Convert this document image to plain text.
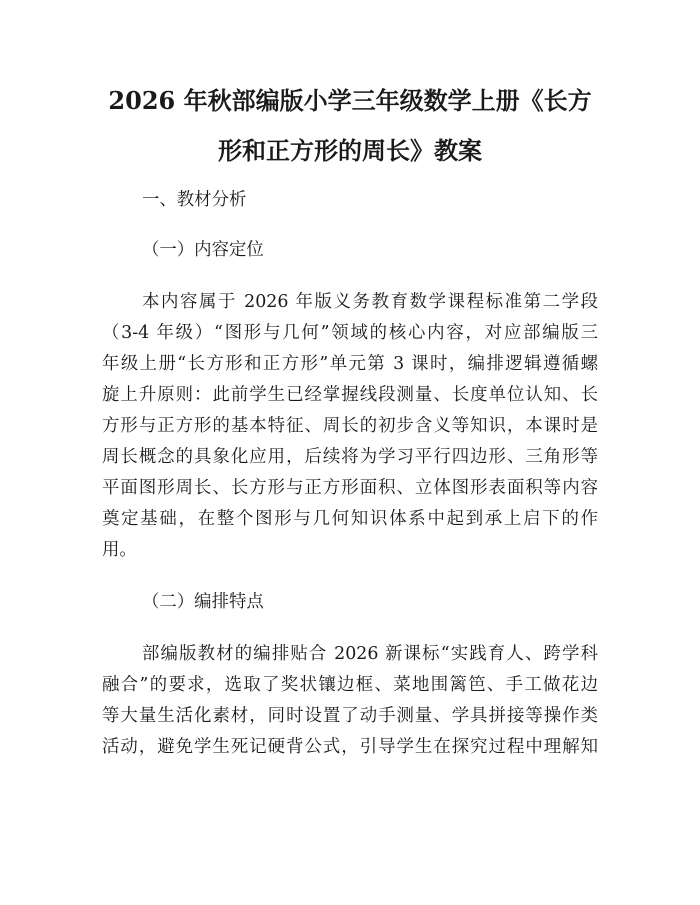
2026 年秋部编版小学三年级数学上册《长方
形和正方形的周长》教案
一、教材分析
（一）内容定位
本内容属于 2026 年版义务教育数学课程标准第二学段
（3-4 年级）“图形与几何”领域的核心内容，对应部编版三
年级上册“长方形和正方形”单元第 3 课时，编排逻辑遵循螺
旋上升原则：此前学生已经掌握线段测量、长度单位认知、长
方形与正方形的基本特征、周长的初步含义等知识，本课时是
周长概念的具象化应用，后续将为学习平行四边形、三角形等
平面图形周长、长方形与正方形面积、立体图形表面积等内容
奠定基础，在整个图形与几何知识体系中起到承上启下的作
用。
（二）编排特点
部编版教材的编排贴合 2026 新课标“实践育人、跨学科
融合”的要求，选取了奖状镶边框、菜地围篱笆、手工做花边
等大量生活化素材，同时设置了动手测量、学具拼接等操作类
活动，避免学生死记硬背公式，引导学生在探究过程中理解知
